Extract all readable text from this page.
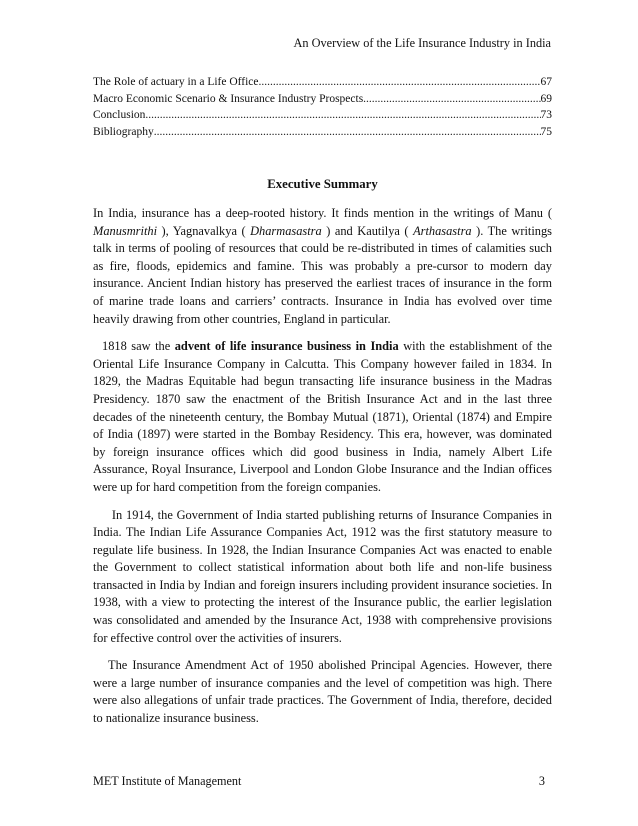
An Overview of the Life Insurance Industry in India
The Role of actuary in a Life Office .....	67
Macro Economic Scenario & Insurance Industry Prospects .....	69
Conclusion .....	73
Bibliography .....	75
Executive Summary

In India, insurance has a deep-rooted history. It finds mention in the writings of Manu ( Manusmrithi ), Yagnavalkya ( Dharmasastra ) and Kautilya ( Arthasastra ). The writings talk in terms of pooling of resources that could be re-distributed in times of calamities such as fire, floods, epidemics and famine. This was probably a pre-cursor to modern day insurance. Ancient Indian history has preserved the earliest traces of insurance in the form of marine trade loans and carriers’ contracts. Insurance in India has evolved over time heavily drawing from other countries, England in particular.

1818 saw the advent of life insurance business in India with the establishment of the Oriental Life Insurance Company in Calcutta. This Company however failed in 1834. In 1829, the Madras Equitable had begun transacting life insurance business in the Madras Presidency. 1870 saw the enactment of the British Insurance Act and in the last three decades of the nineteenth century, the Bombay Mutual (1871), Oriental (1874) and Empire of India (1897) were started in the Bombay Residency. This era, however, was dominated by foreign insurance offices which did good business in India, namely Albert Life Assurance, Royal Insurance, Liverpool and London Globe Insurance and the Indian offices were up for hard competition from the foreign companies.

In 1914, the Government of India started publishing returns of Insurance Companies in India. The Indian Life Assurance Companies Act, 1912 was the first statutory measure to regulate life business. In 1928, the Indian Insurance Companies Act was enacted to enable the Government to collect statistical information about both life and non-life business transacted in India by Indian and foreign insurers including provident insurance societies. In 1938, with a view to protecting the interest of the Insurance public, the earlier legislation was consolidated and amended by the Insurance Act, 1938 with comprehensive provisions for effective control over the activities of insurers.

The Insurance Amendment Act of 1950 abolished Principal Agencies. However, there were a large number of insurance companies and the level of competition was high. There were also allegations of unfair trade practices. The Government of India, therefore, decided to nationalize insurance business.

MET Institute of Management	3
